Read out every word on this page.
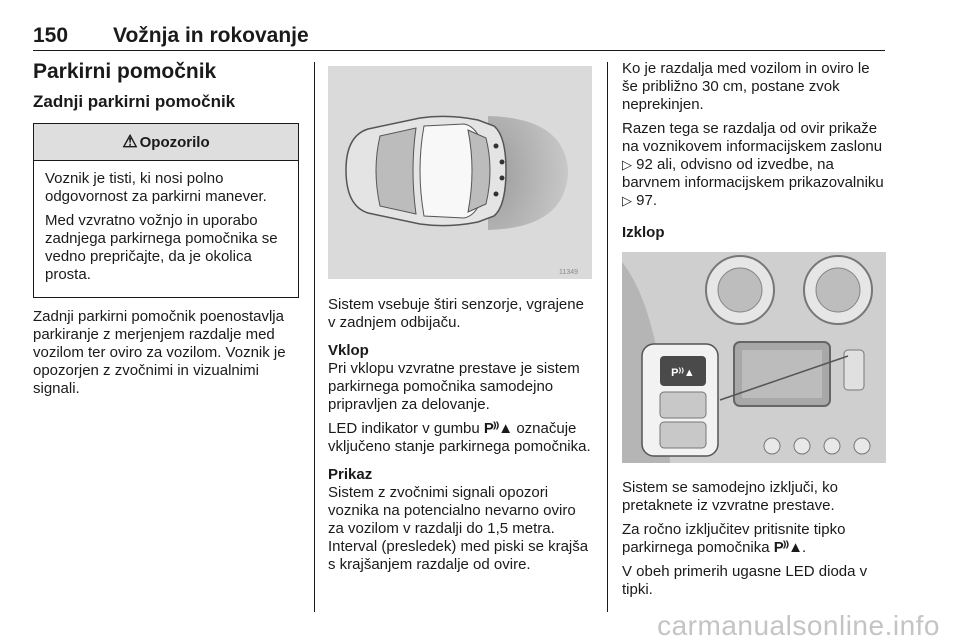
150 Vožnja in rokovanje
Parkirni pomočnik
Zadnji parkirni pomočnik
⚠ Opozorilo

Voznik je tisti, ki nosi polno odgovornost za parkirni manever.

Med vzvratno vožnjo in uporabo zadnjega parkirnega pomočnika se vedno prepričajte, da je okolica prosta.

Zadnji parkirni pomočnik poenostavlja parkiranje z merjenjem razdalje med vozilom ter oviro za vozilom. Voznik je opozorjen z zvočnimi in vizualnimi signali.

11349

Sistem vsebuje štiri senzorje, vgrajene v zadnjem odbijaču.

Vklop

Pri vklopu vzvratne prestave je sistem parkirnega pomočnika samodejno pripravljen za delovanje.

LED indikator v gumbu P⁾⁾▲ označuje vključeno stanje parkirnega pomočnika.

Prikaz

Sistem z zvočnimi signali opozori voznika na potencialno nevarno oviro za vozilom v razdalji do 1,5 metra. Interval (presledek) med piski se krajša s krajšanjem razdalje od ovire.

Ko je razdalja med vozilom in oviro le še približno 30 cm, postane zvok neprekinjen.

Razen tega se razdalja od ovir prikaže na voznikovem informacijskem zaslonu ▷ 92 ali, odvisno od izvedbe, na barvnem informacijskem prikazovalniku ▷ 97.

Izklop
P⁾⁾▲

Sistem se samodejno izključi, ko pretaknete iz vzvratne prestave.

Za ročno izključitev pritisnite tipko parkirnega pomočnika P⁾⁾▲.

V obeh primerih ugasne LED dioda v tipki.

carmanualsonline.info
